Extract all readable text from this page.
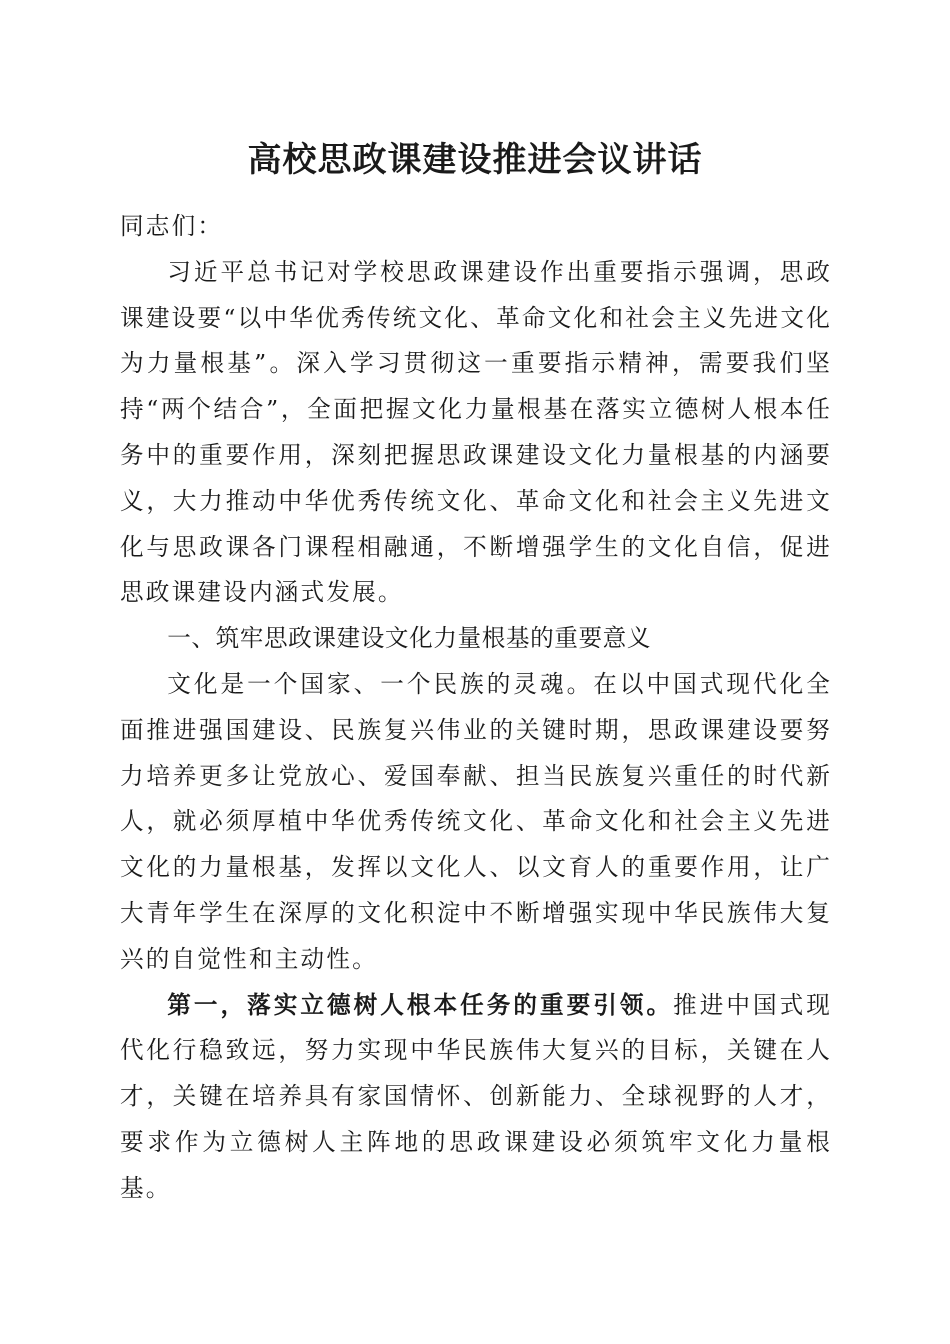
高校思政课建设推进会议讲话

同志们：

习近平总书记对学校思政课建设作出重要指示强调，思政课建设要“以中华优秀传统文化、革命文化和社会主义先进文化为力量根基”。深入学习贯彻这一重要指示精神，需要我们坚持“两个结合”，全面把握文化力量根基在落实立德树人根本任务中的重要作用，深刻把握思政课建设文化力量根基的内涵要义，大力推动中华优秀传统文化、革命文化和社会主义先进文化与思政课各门课程相融通，不断增强学生的文化自信，促进思政课建设内涵式发展。

一、筑牢思政课建设文化力量根基的重要意义

文化是一个国家、一个民族的灵魂。在以中国式现代化全面推进强国建设、民族复兴伟业的关键时期，思政课建设要努力培养更多让党放心、爱国奉献、担当民族复兴重任的时代新人，就必须厚植中华优秀传统文化、革命文化和社会主义先进文化的力量根基，发挥以文化人、以文育人的重要作用，让广大青年学生在深厚的文化积淀中不断增强实现中华民族伟大复兴的自觉性和主动性。

第一，落实立德树人根本任务的重要引领。推进中国式现代化行稳致远，努力实现中华民族伟大复兴的目标，关键在人才，关键在培养具有家国情怀、创新能力、全球视野的人才，要求作为立德树人主阵地的思政课建设必须筑牢文化力量根基。
